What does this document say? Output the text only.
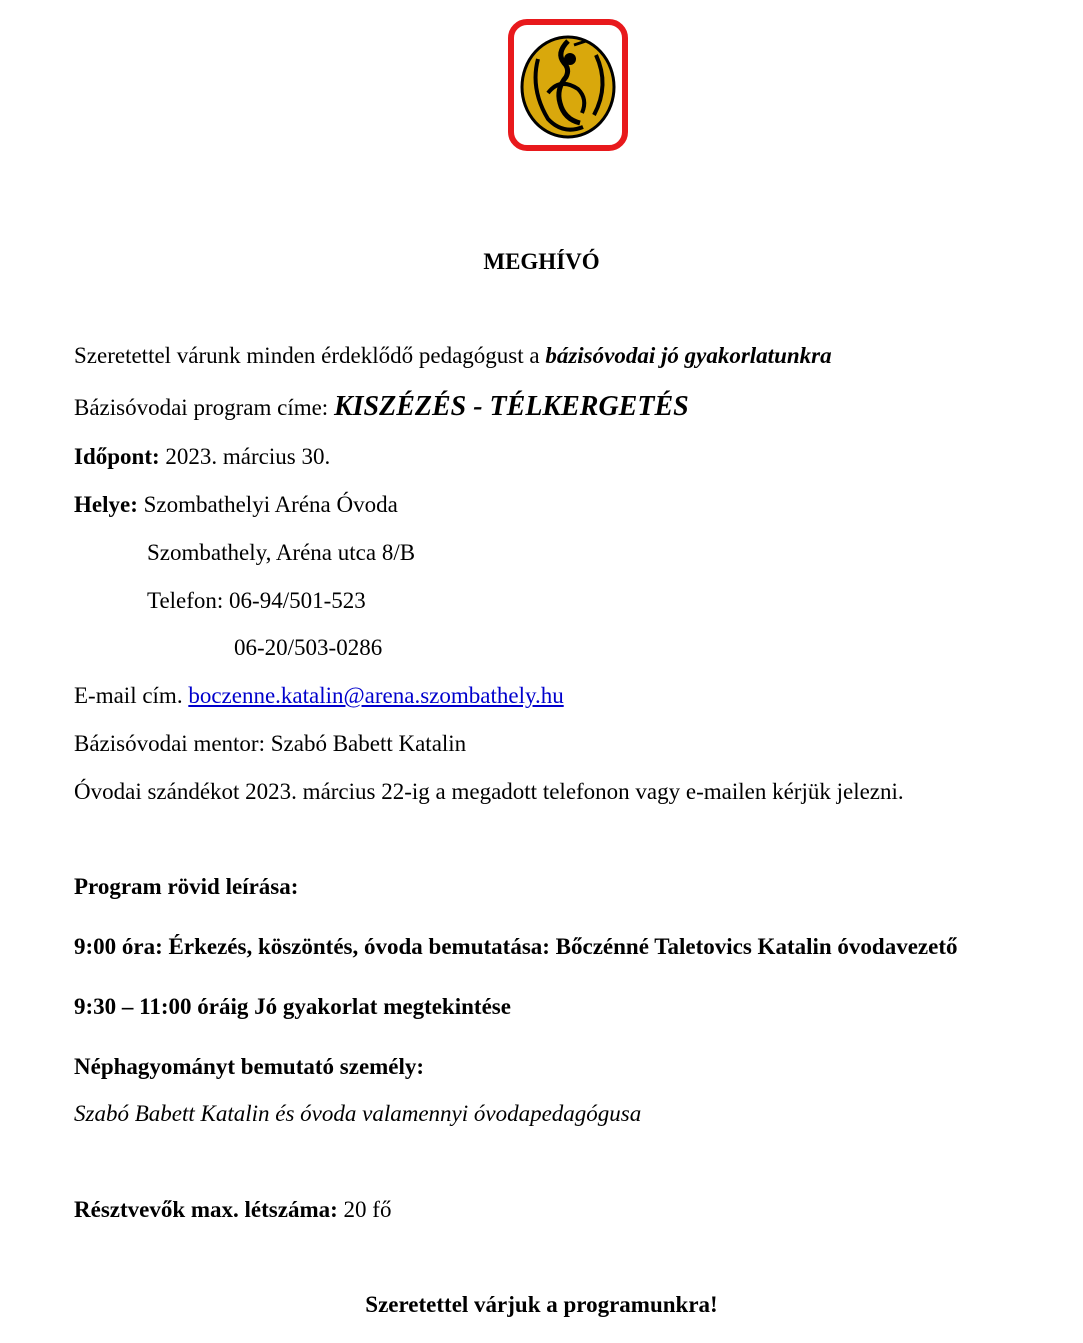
MEGHÍVÓ
Szeretettel várunk minden érdeklődő pedagógust a bázisóvodai jó gyakorlatunkra
Bázisóvodai program címe: KISZÉZÉS - TÉLKERGETÉS
Időpont: 2023. március 30.
Helye: Szombathelyi Aréna Óvoda
Szombathely, Aréna utca 8/B
Telefon: 06-94/501-523
06-20/503-0286
E-mail cím. boczenne.katalin@arena.szombathely.hu
Bázisóvodai mentor: Szabó Babett Katalin
Óvodai szándékot 2023. március 22-ig a megadott telefonon vagy e-mailen kérjük jelezni.
Program rövid leírása:
9:00 óra: Érkezés, köszöntés, óvoda bemutatása: Bőczénné Taletovics Katalin óvodavezető
9:30 – 11:00 óráig Jó gyakorlat megtekintése
Néphagyományt bemutató személy:
Szabó Babett Katalin és óvoda valamennyi óvodapedagógusa
Résztvevők max. létszáma: 20 fő
Szeretettel várjuk a programunkra!
